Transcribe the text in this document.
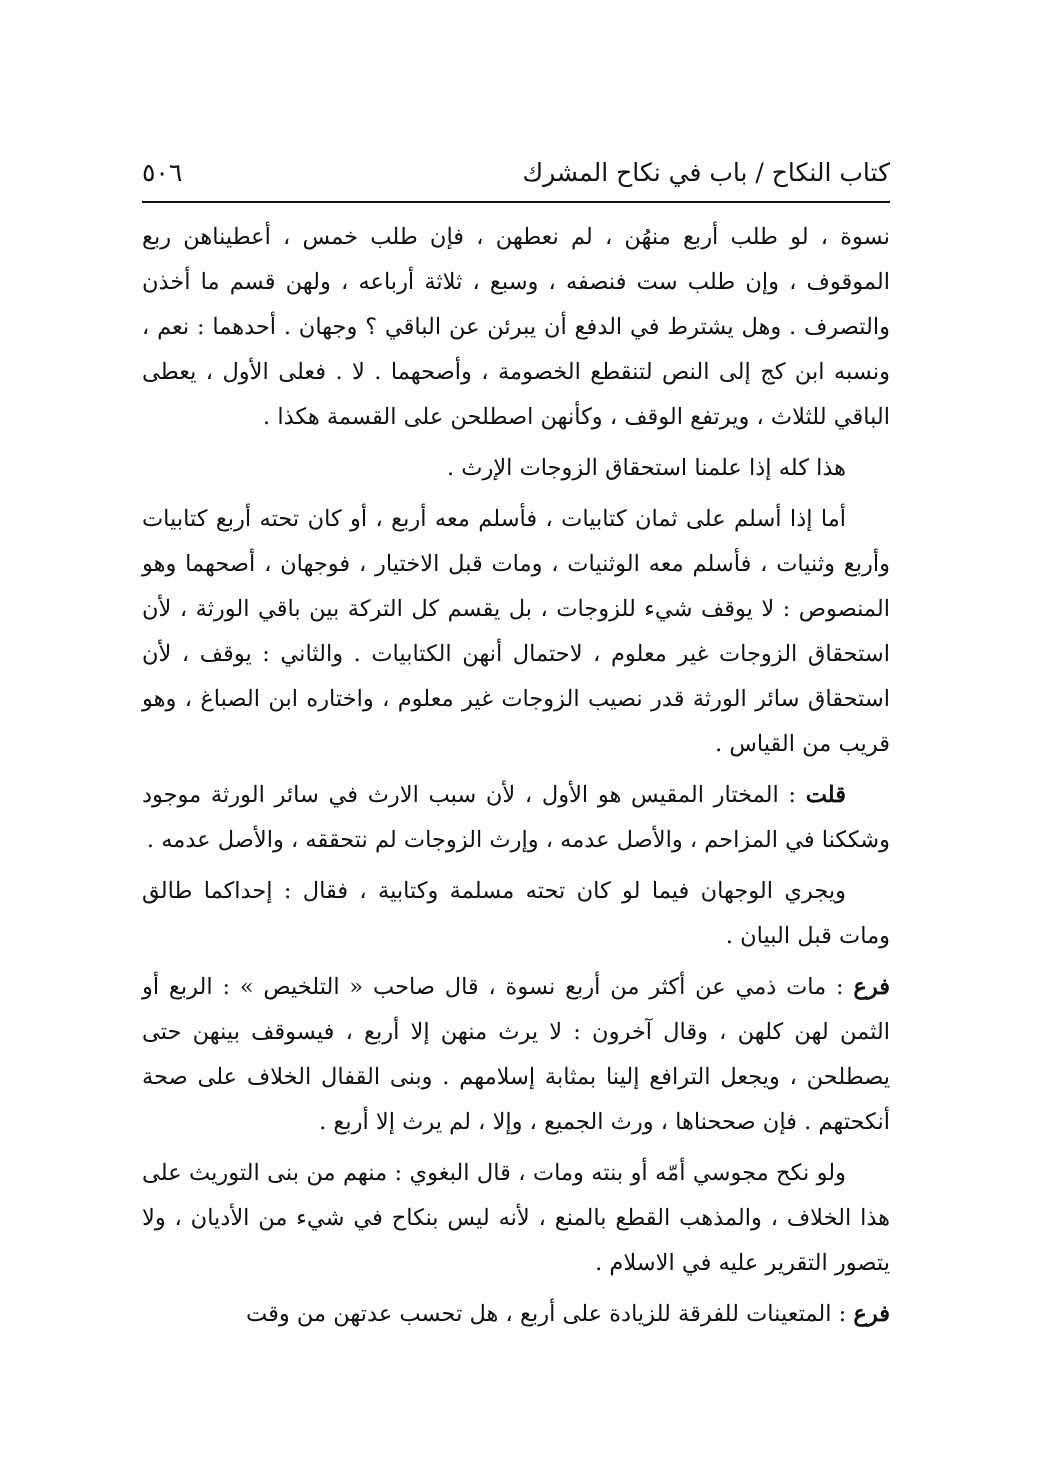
كتاب النكاح / باب في نكاح المشرك
٥٠٦

نسوة ، لو طلب أربع منهُن ، لم نعطهن ، فإن طلب خمس ، أعطيناهن ربع الموقوف ، وإن طلب ست فنصفه ، وسبع ، ثلاثة أرباعه ، ولهن قسم ما أخذن والتصرف . وهل يشترط في الدفع أن يبرئن عن الباقي ؟ وجهان . أحدهما : نعم ، ونسبه ابن كج إلى النص لتنقطع الخصومة ، وأصحهما . لا . فعلى الأول ، يعطى الباقي للثلاث ، ويرتفع الوقف ، وكأنهن اصطلحن على القسمة هكذا .

هذا كله إذا علمنا استحقاق الزوجات الإرث .

أما إذا أسلم على ثمان كتابيات ، فأسلم معه أربع ، أو كان تحته أربع كتابيات وأربع وثنيات ، فأسلم معه الوثنيات ، ومات قبل الاختيار ، فوجهان ، أصحهما وهو المنصوص : لا يوقف شيء للزوجات ، بل يقسم كل التركة بين باقي الورثة ، لأن استحقاق الزوجات غير معلوم ، لاحتمال أنهن الكتابيات . والثاني : يوقف ، لأن استحقاق سائر الورثة قدر نصيب الزوجات غير معلوم ، واختاره ابن الصباغ ، وهو قريب من القياس .

قلت : المختار المقيس هو الأول ، لأن سبب الارث في سائر الورثة موجود وشككنا في المزاحم ، والأصل عدمه ، وإرث الزوجات لم نتحققه ، والأصل عدمه .

ويجري الوجهان فيما لو كان تحته مسلمة وكتابية ، فقال : إحداكما طالق ومات قبل البيان .

فرع : مات ذمي عن أكثر من أربع نسوة ، قال صاحب « التلخيص » : الربع أو الثمن لهن كلهن ، وقال آخرون : لا يرث منهن إلا أربع ، فيسوقف بينهن حتى يصطلحن ، ويجعل الترافع إلينا بمثابة إسلامهم . وبنى القفال الخلاف على صحة أنكحتهم . فإن صححناها ، ورث الجميع ، وإلا ، لم يرث إلا أربع .

ولو نكح مجوسي أمّه أو بنته ومات ، قال البغوي : منهم من بنى التوريث على هذا الخلاف ، والمذهب القطع بالمنع ، لأنه ليس بنكاح في شيء من الأديان ، ولا يتصور التقرير عليه في الاسلام .

فرع : المتعينات للفرقة للزيادة على أربع ، هل تحسب عدتهن من وقت
